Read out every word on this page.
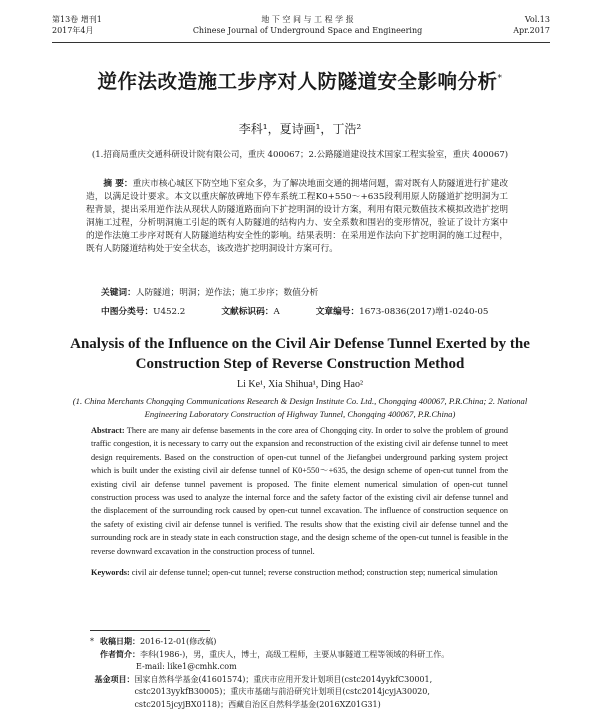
第13卷 增刊1
2017年4月
地 下 空 间 与 工 程 学 报
Chinese Journal of Underground Space and Engineering
Vol.13
Apr.2017
逆作法改造施工步序对人防隧道安全影响分析*
李科¹，夏诗画¹，丁浩²
(1.招商局重庆交通科研设计院有限公司，重庆 400067；2.公路隧道建设技术国家工程实验室，重庆 400067)

摘 要：重庆市核心城区下防空地下室众多，为了解决地面交通的拥堵问题，需对既有人防隧道进行扩建改造，以满足设计要求。本文以重庆解放碑地下停车系统工程K0+550～+635段利用原人防隧道扩挖明洞为工程背景，提出采用逆作法从现状人防隧道路面向下扩挖明洞的设计方案，利用有限元数值技术模拟改造扩挖明洞施工过程，分析明洞施工引起的既有人防隧道的结构内力、安全系数和围岩的变形情况，验证了设计方案中的逆作法施工步序对既有人防隧道结构安全性的影响。结果表明：在采用逆作法向下扩挖明洞的施工过程中，既有人防隧道结构处于安全状态，该改造扩挖明洞设计方案可行。

关键词：人防隧道；明洞；逆作法；施工步序；数值分析
中图分类号：U452.2	文献标识码：A	文章编号：1673-0836(2017)增1-0240-05
Analysis of the Influence on the Civil Air Defense Tunnel Exerted by the Construction Step of Reverse Construction Method
Li Ke¹, Xia Shihua¹, Ding Hao²
(1. China Merchants Chongqing Communications Research & Design Institute Co. Ltd., Chongqing 400067, P.R.China; 2. National Engineering Laboratory Construction of Highway Tunnel, Chongqing 400067, P.R.China)
Abstract: There are many air defense basements in the core area of Chongqing city. In order to solve the problem of ground traffic congestion, it is necessary to carry out the expansion and reconstruction of the existing civil air defense tunnel to meet design requirements. Based on the construction of open-cut tunnel of the Jiefangbei underground parking system project which is built under the existing civil air defense tunnel of K0+550～+635, the design scheme of open-cut tunnel from the existing civil air defense tunnel pavement is proposed. The finite element numerical simulation of open-cut tunnel construction process was used to analyze the internal force and the safety factor of the existing civil air defense tunnel and the displacement of the surrounding rock caused by open-cut tunnel excavation. The influence of construction sequence on the safety of existing civil air defense tunnel is verified. The results show that the existing civil air defense tunnel and the surrounding rock are in steady state in each construction stage, and the design scheme of the open-cut tunnel is feasible in the reverse downward excavation in the construction process of tunnel.
Keywords: civil air defense tunnel; open-cut tunnel; reverse construction method; construction step; numerical simulation
* 收稿日期： 2016-12-01(修改稿)
作者简介： 李科(1986-)，男，重庆人，博士，高级工程师，主要从事隧道工程等领域的科研工作。
E-mail: like1@cmhk.com
基金项目： 国家自然科学基金(41601574)；重庆市应用开发计划项目(cstc2014yykfC30001, cstc2013yykfB30005)；重庆市基础与前沿研究计划项目(cstc2014jcyjA30020, cstc2015jcyjBX0118)；西藏自治区自然科学基金(2016XZ01G31)
